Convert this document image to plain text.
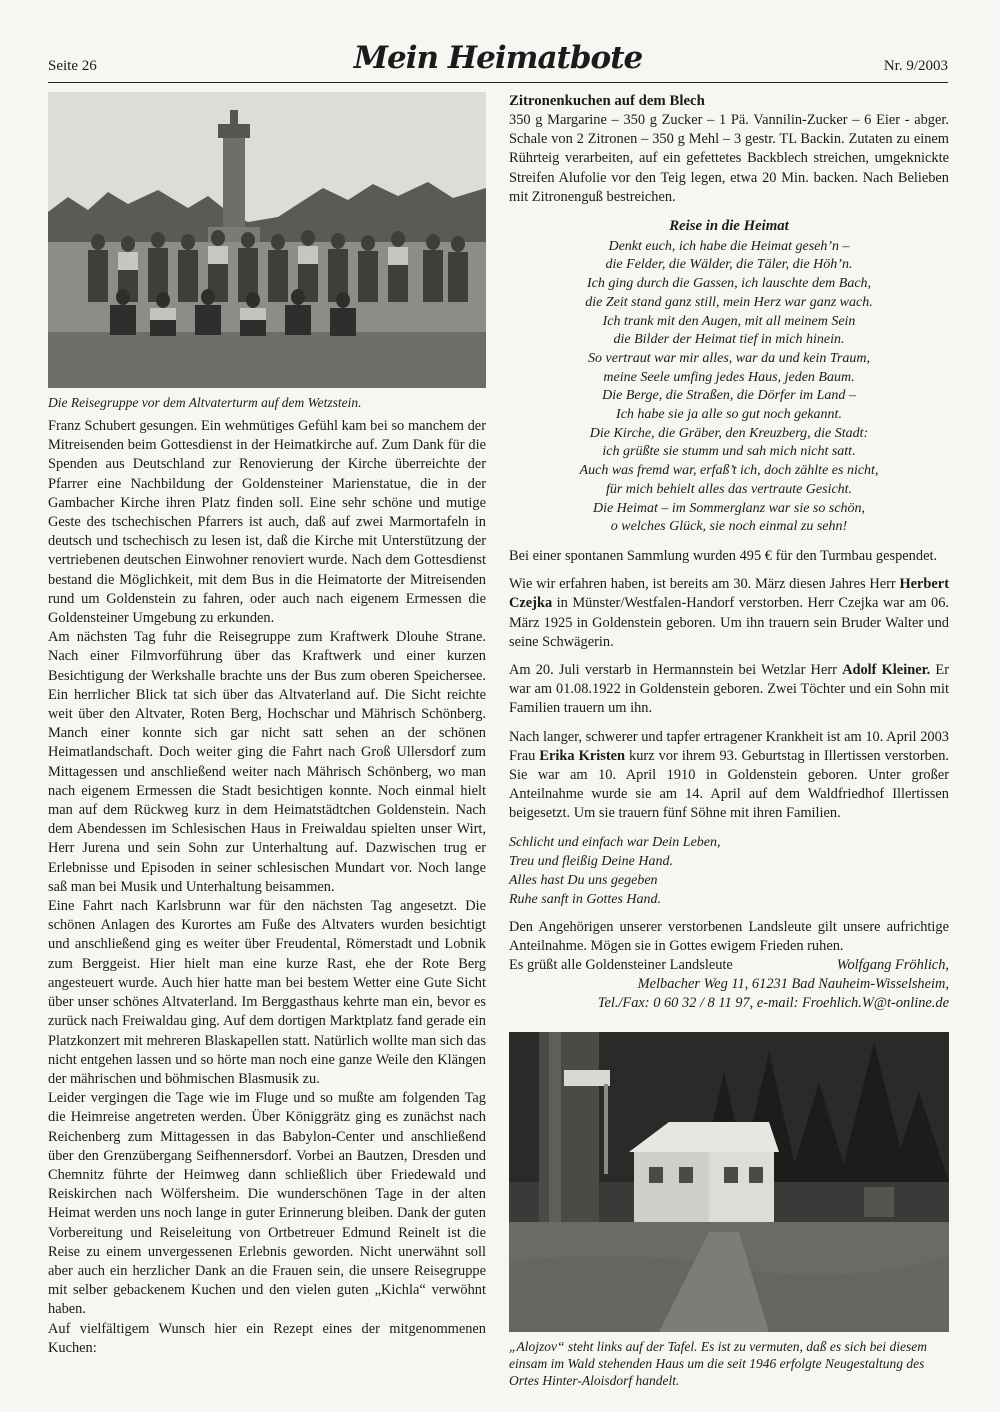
Seite 26	Mein Heimatbote	Nr. 9/2003
Die Reisegruppe vor dem Altvaterturm auf dem Wetzstein.

Franz Schubert gesungen. Ein wehmütiges Gefühl kam bei so manchem der Mitreisenden beim Gottesdienst in der Heimatkirche auf. Zum Dank für die Spenden aus Deutschland zur Renovierung der Kirche überreichte der Pfarrer eine Nachbildung der Goldensteiner Marienstatue, die in der Gambacher Kirche ihren Platz finden soll. Eine sehr schöne und mutige Geste des tschechischen Pfarrers ist auch, daß auf zwei Marmortafeln in deutsch und tschechisch zu lesen ist, daß die Kirche mit Unterstützung der vertriebenen deutschen Einwohner renoviert wurde. Nach dem Gottesdienst bestand die Möglichkeit, mit dem Bus in die Heimatorte der Mitreisenden rund um Goldenstein zu fahren, oder auch nach eigenem Ermessen die Goldensteiner Umgebung zu erkunden.

Am nächsten Tag fuhr die Reisegruppe zum Kraftwerk Dlouhe Strane. Nach einer Filmvorführung über das Kraftwerk und einer kurzen Besichtigung der Werkshalle brachte uns der Bus zum oberen Speichersee. Ein herrlicher Blick tat sich über das Altvaterland auf. Die Sicht reichte weit über den Altvater, Roten Berg, Hochschar und Mährisch Schönberg. Manch einer konnte sich gar nicht satt sehen an der schönen Heimatlandschaft. Doch weiter ging die Fahrt nach Groß Ullersdorf zum Mittagessen und anschließend weiter nach Mährisch Schönberg, wo man nach eigenem Ermessen die Stadt besichtigen konnte. Noch einmal hielt man auf dem Rückweg kurz in dem Heimatstädtchen Goldenstein. Nach dem Abendessen im Schlesischen Haus in Freiwaldau spielten unser Wirt, Herr Jurena und sein Sohn zur Unterhaltung auf. Dazwischen trug er Erlebnisse und Episoden in seiner schlesischen Mundart vor. Noch lange saß man bei Musik und Unterhaltung beisammen.

Eine Fahrt nach Karlsbrunn war für den nächsten Tag angesetzt. Die schönen Anlagen des Kurortes am Fuße des Altvaters wurden besichtigt und anschließend ging es weiter über Freudental, Römerstadt und Lobnik zum Berggeist. Hier hielt man eine kurze Rast, ehe der Rote Berg angesteuert wurde. Auch hier hatte man bei bestem Wetter eine Gute Sicht über unser schönes Altvaterland. Im Berggasthaus kehrte man ein, bevor es zurück nach Freiwaldau ging. Auf dem dortigen Marktplatz fand gerade ein Platzkonzert mit mehreren Blaskapellen statt. Natürlich wollte man sich das nicht entgehen lassen und so hörte man noch eine ganze Weile den Klängen der mährischen und böhmischen Blasmusik zu.

Leider vergingen die Tage wie im Fluge und so mußte am folgenden Tag die Heimreise angetreten werden. Über Königgrätz ging es zunächst nach Reichenberg zum Mittagessen in das Babylon-Center und anschließend über den Grenzübergang Seifhennersdorf. Vorbei an Bautzen, Dresden und Chemnitz führte der Heimweg dann schließlich über Friedewald und Reiskirchen nach Wölfersheim. Die wunderschönen Tage in der alten Heimat werden uns noch lange in guter Erinnerung bleiben. Dank der guten Vorbereitung und Reiseleitung von Ortbetreuer Edmund Reinelt ist die Reise zu einem unvergessenen Erlebnis geworden. Nicht unerwähnt soll aber auch ein herzlicher Dank an die Frauen sein, die unsere Reisegruppe mit selber gebackenem Kuchen und den vielen guten „Kichla“ verwöhnt haben.

Auf vielfältigem Wunsch hier ein Rezept eines der mitgenommenen Kuchen:

Zitronenkuchen auf dem Blech
350 g Margarine – 350 g Zucker – 1 Pä. Vannilin-Zucker – 6 Eier - abger. Schale von 2 Zitronen – 350 g Mehl – 3 gestr. TL Backin. Zutaten zu einem Rührteig verarbeiten, auf ein gefettetes Backblech streichen, umgeknickte Streifen Alufolie vor den Teig legen, etwa 20 Min. backen. Nach Belieben mit Zitronenguß bestreichen.
Reise in die Heimat
Denkt euch, ich habe die Heimat geseh’n –
die Felder, die Wälder, die Täler, die Höh’n.
Ich ging durch die Gassen, ich lauschte dem Bach,
die Zeit stand ganz still, mein Herz war ganz wach.
Ich trank mit den Augen, mit all meinem Sein
die Bilder der Heimat tief in mich hinein.
So vertraut war mir alles, war da und kein Traum,
meine Seele umfing jedes Haus, jeden Baum.
Die Berge, die Straßen, die Dörfer im Land –
Ich habe sie ja alle so gut noch gekannt.
Die Kirche, die Gräber, den Kreuzberg, die Stadt:
ich grüßte sie stumm und sah mich nicht satt.
Auch was fremd war, erfaß’t ich, doch zählte es nicht,
für mich behielt alles das vertraute Gesicht.
Die Heimat – im Sommerglanz war sie so schön,
o welches Glück, sie noch einmal zu sehn!
Bei einer spontanen Sammlung wurden 495 € für den Turmbau gespendet.
Wie wir erfahren haben, ist bereits am 30. März diesen Jahres Herr Herbert Czejka in Münster/Westfalen-Handorf verstorben. Herr Czejka war am 06. März 1925 in Goldenstein geboren. Um ihn trauern sein Bruder Walter und seine Schwägerin.
Am 20. Juli verstarb in Hermannstein bei Wetzlar Herr Adolf Kleiner. Er war am 01.08.1922 in Goldenstein geboren. Zwei Töchter und ein Sohn mit Familien trauern um ihn.
Nach langer, schwerer und tapfer ertragener Krankheit ist am 10. April 2003 Frau Erika Kristen kurz vor ihrem 93. Geburtstag in Illertissen verstorben. Sie war am 10. April 1910 in Goldenstein geboren. Unter großer Anteilnahme wurde sie am 14. April auf dem Waldfriedhof Illertissen beigesetzt. Um sie trauern fünf Söhne mit ihren Familien.
Schlicht und einfach war Dein Leben,
Treu und fleißig Deine Hand.
Alles hast Du uns gegeben
Ruhe sanft in Gottes Hand.
Den Angehörigen unserer verstorbenen Landsleute gilt unsere aufrichtige Anteilnahme. Mögen sie in Gottes ewigem Frieden ruhen.
Es grüßt alle Goldensteiner Landsleute	Wolfgang Fröhlich,
Melbacher Weg 11, 61231 Bad Nauheim-Wisselsheim,
Tel./Fax: 0 60 32 / 8 11 97, e-mail: Froehlich.W@t-online.de
„Alojzov“ steht links auf der Tafel. Es ist zu vermuten, daß es sich bei diesem einsam im Wald stehenden Haus um die seit 1946 erfolgte Neugestaltung des Ortes Hinter-Aloisdorf handelt.
